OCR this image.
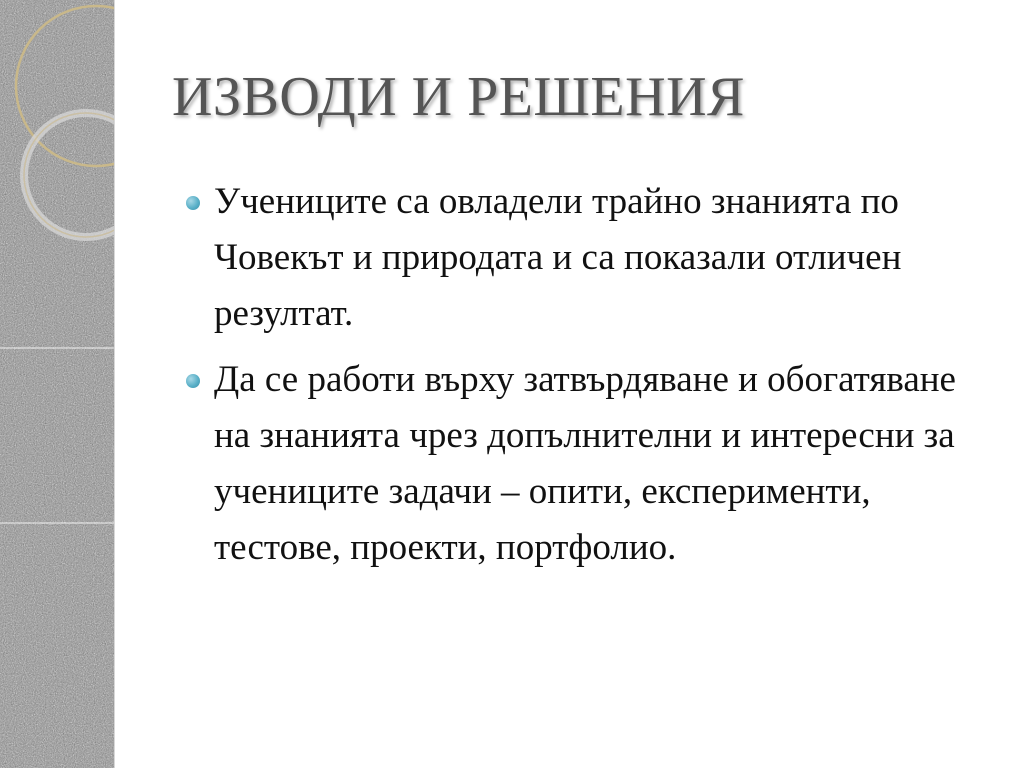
ИЗВОДИ И РЕШЕНИЯ
Учениците са овладели трайно знанията по Човекът и природата и са показали отличен резултат.
Да се работи върху затвърдяване и обогатяване на знанията чрез допълнителни и интересни за учениците задачи – опити, експерименти, тестове, проекти, портфолио.
